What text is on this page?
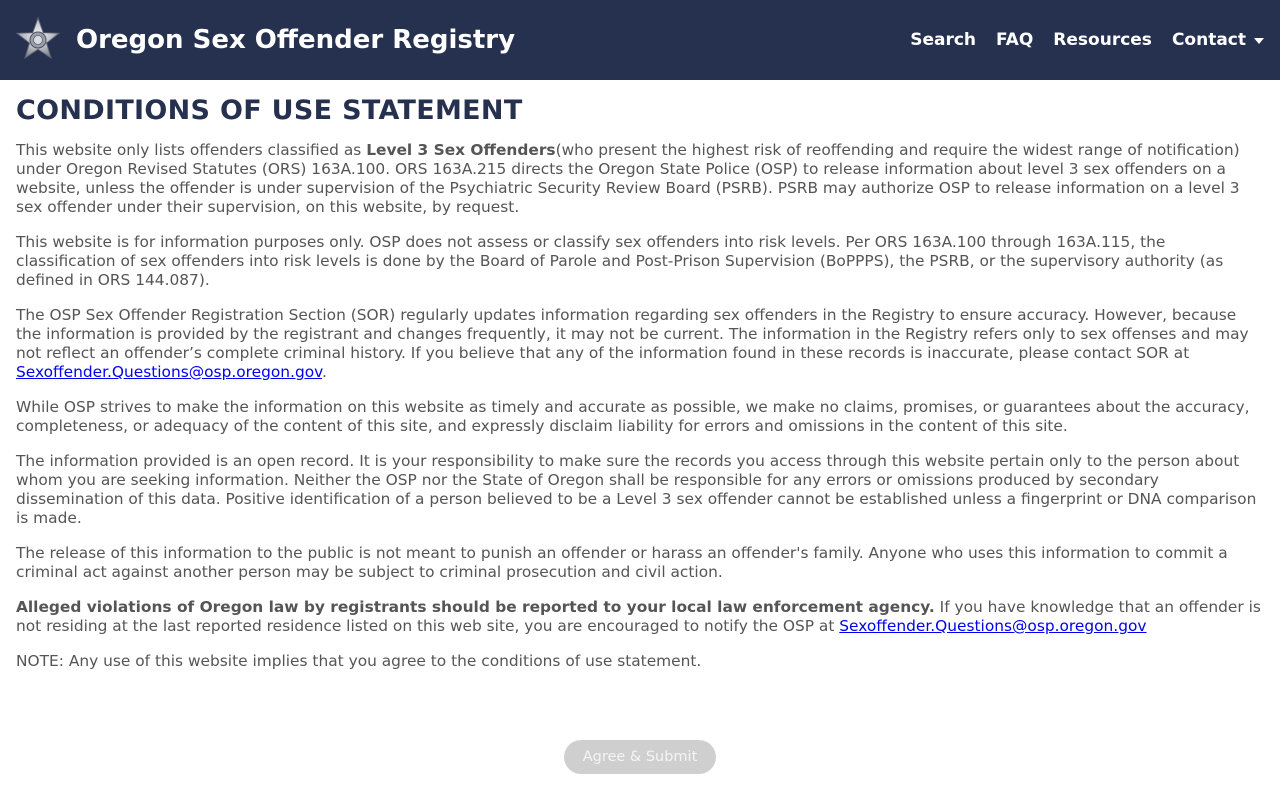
Oregon Sex Offender Registry	Search FAQ Resources Contact
CONDITIONS OF USE STATEMENT

This website only lists offenders classified as Level 3 Sex Offenders(who present the highest risk of reoffending and require the widest range of notification) under Oregon Revised Statutes (ORS) 163A.100. ORS 163A.215 directs the Oregon State Police (OSP) to release information about level 3 sex offenders on a website, unless the offender is under supervision of the Psychiatric Security Review Board (PSRB). PSRB may authorize OSP to release information on a level 3 sex offender under their supervision, on this website, by request.

This website is for information purposes only. OSP does not assess or classify sex offenders into risk levels. Per ORS 163A.100 through 163A.115, the classification of sex offenders into risk levels is done by the Board of Parole and Post-Prison Supervision (BoPPPS), the PSRB, or the supervisory authority (as defined in ORS 144.087).

The OSP Sex Offender Registration Section (SOR) regularly updates information regarding sex offenders in the Registry to ensure accuracy. However, because the information is provided by the registrant and changes frequently, it may not be current. The information in the Registry refers only to sex offenses and may not reflect an offender’s complete criminal history. If you believe that any of the information found in these records is inaccurate, please contact SOR at Sexoffender.Questions@osp.oregon.gov.

While OSP strives to make the information on this website as timely and accurate as possible, we make no claims, promises, or guarantees about the accuracy, completeness, or adequacy of the content of this site, and expressly disclaim liability for errors and omissions in the content of this site.

The information provided is an open record. It is your responsibility to make sure the records you access through this website pertain only to the person about whom you are seeking information. Neither the OSP nor the State of Oregon shall be responsible for any errors or omissions produced by secondary dissemination of this data. Positive identification of a person believed to be a Level 3 sex offender cannot be established unless a fingerprint or DNA comparison is made.

The release of this information to the public is not meant to punish an offender or harass an offender's family. Anyone who uses this information to commit a criminal act against another person may be subject to criminal prosecution and civil action.

Alleged violations of Oregon law by registrants should be reported to your local law enforcement agency. If you have knowledge that an offender is not residing at the last reported residence listed on this web site, you are encouraged to notify the OSP at Sexoffender.Questions@osp.oregon.gov

NOTE: Any use of this website implies that you agree to the conditions of use statement.

Agree & Submit
